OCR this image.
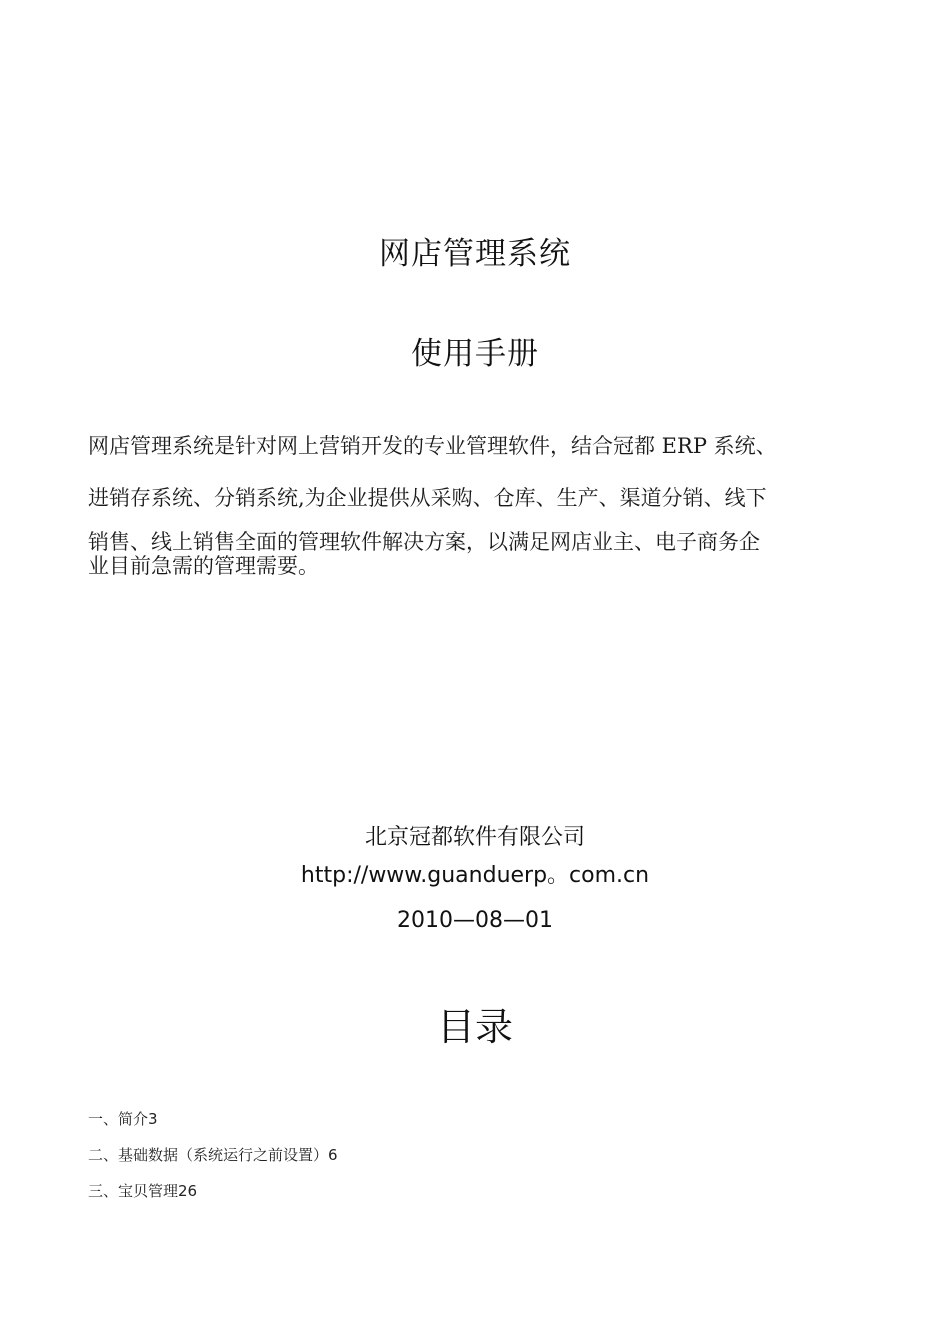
网店管理系统
使用手册
网店管理系统是针对网上营销开发的专业管理软件，结合冠都 ERP 系统、
进销存系统、分销系统,为企业提供从采购、仓库、生产、渠道分销、线下
销售、线上销售全面的管理软件解决方案，以满足网店业主、电子商务企
业目前急需的管理需要。
北京冠都软件有限公司
http://www.guanduerp。com.cn
2010—08—01
目录
一、简介3
二、基础数据（系统运行之前设置）6
三、宝贝管理26
